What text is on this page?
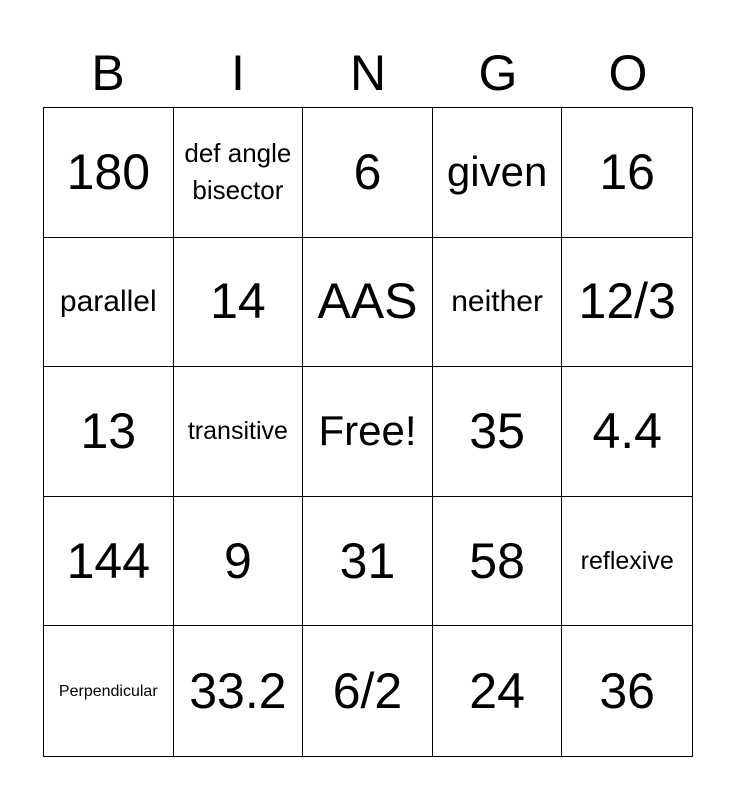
B	I	N	G	O
180	def angle bisector	6 given 16
parallel 14 AAS neither 12/3
13 transitive Free! 35 4.4
144 9 31 58 reflexive
Perpendicular 33.2 6/2 24 36
